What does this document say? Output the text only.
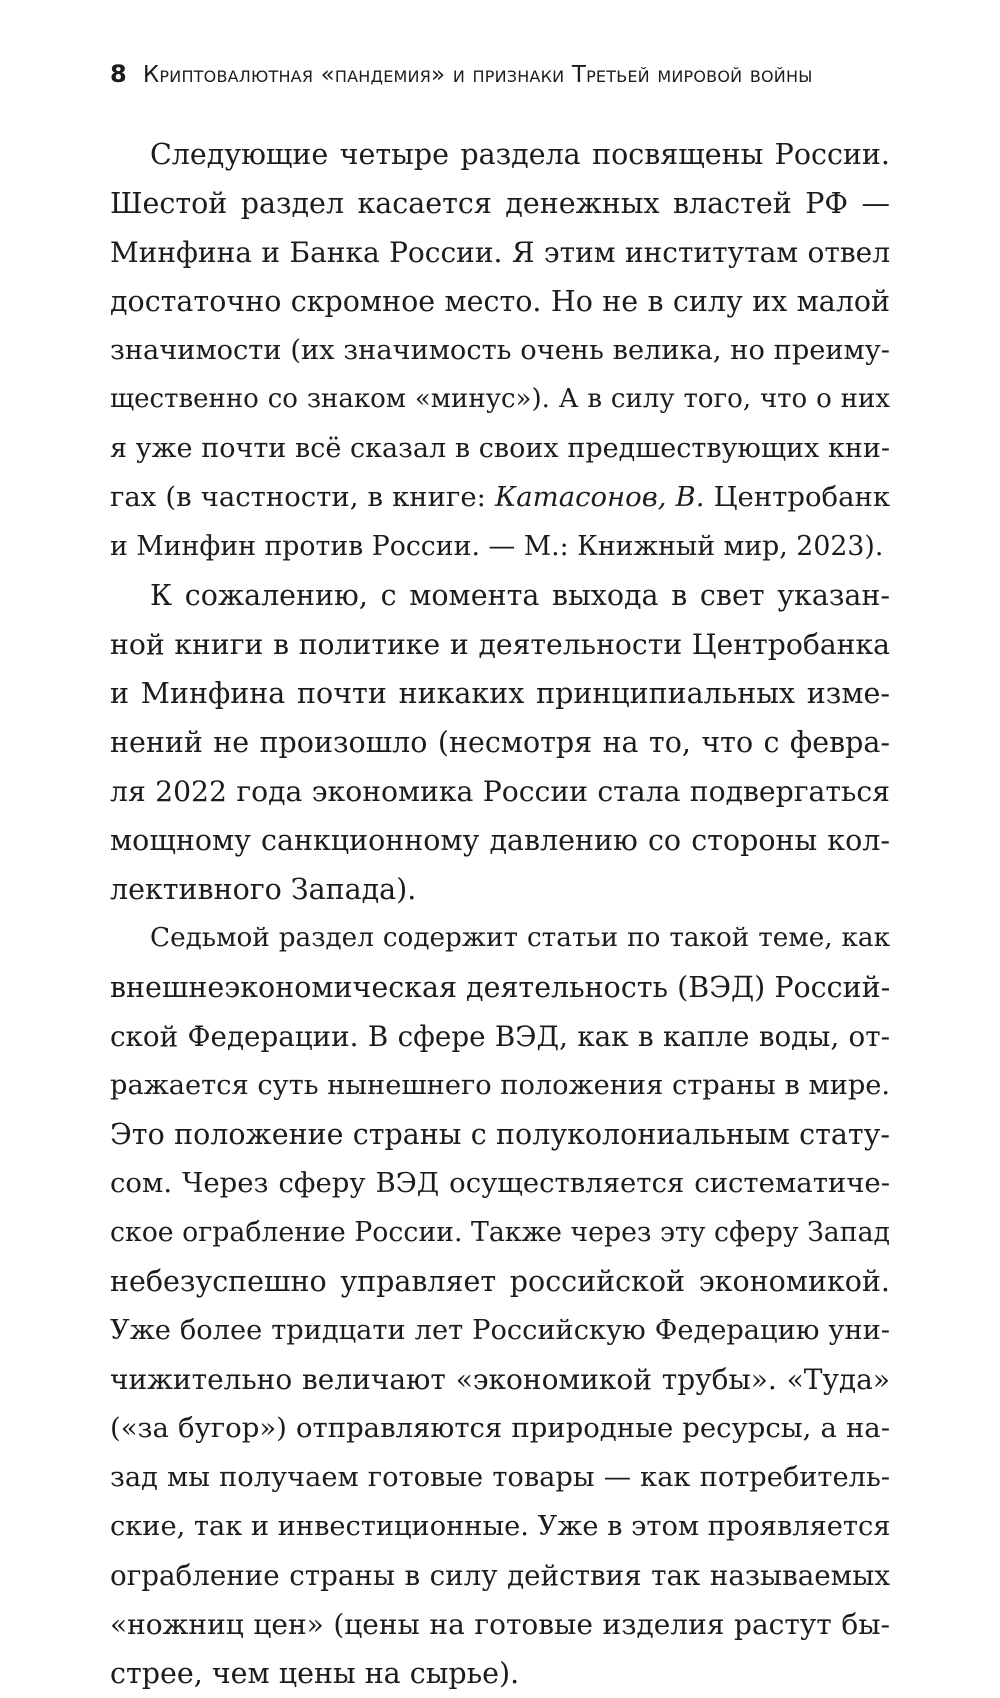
8 Криптовалютная «пандемия» и признаки Третьей мировой войны
Следующие четыре раздела посвящены России.
Шестой раздел касается денежных властей РФ —
Минфина и Банка России. Я этим институтам отвел
достаточно скромное место. Но не в силу их малой
значимости (их значимость очень велика, но преиму-
щественно со знаком «минус»). А в силу того, что о них
я уже почти всё сказал в своих предшествующих кни-
гах (в частности, в книге: Катасонов, В. Центробанк
и Минфин против России. — М.: Книжный мир, 2023).
К сожалению, с момента выхода в свет указан-
ной книги в политике и деятельности Центробанка
и Минфина почти никаких принципиальных изме-
нений не произошло (несмотря на то, что с февра-
ля 2022 года экономика России стала подвергаться
мощному санкционному давлению со стороны кол-
лективного Запада).
Седьмой раздел содержит статьи по такой теме, как
внешнеэкономическая деятельность (ВЭД) Россий-
ской Федерации. В сфере ВЭД, как в капле воды, от-
ражается суть нынешнего положения страны в мире.
Это положение страны с полуколониальным стату-
сом. Через сферу ВЭД осуществляется систематиче-
ское ограбление России. Также через эту сферу Запад
небезуспешно управляет российской экономикой.
Уже более тридцати лет Российскую Федерацию уни-
чижительно величают «экономикой трубы». «Туда»
(«за бугор») отправляются природные ресурсы, а на-
зад мы получаем готовые товары — как потребитель-
ские, так и инвестиционные. Уже в этом проявляется
ограбление страны в силу действия так называемых
«ножниц цен» (цены на готовые изделия растут бы-
стрее, чем цены на сырье).
